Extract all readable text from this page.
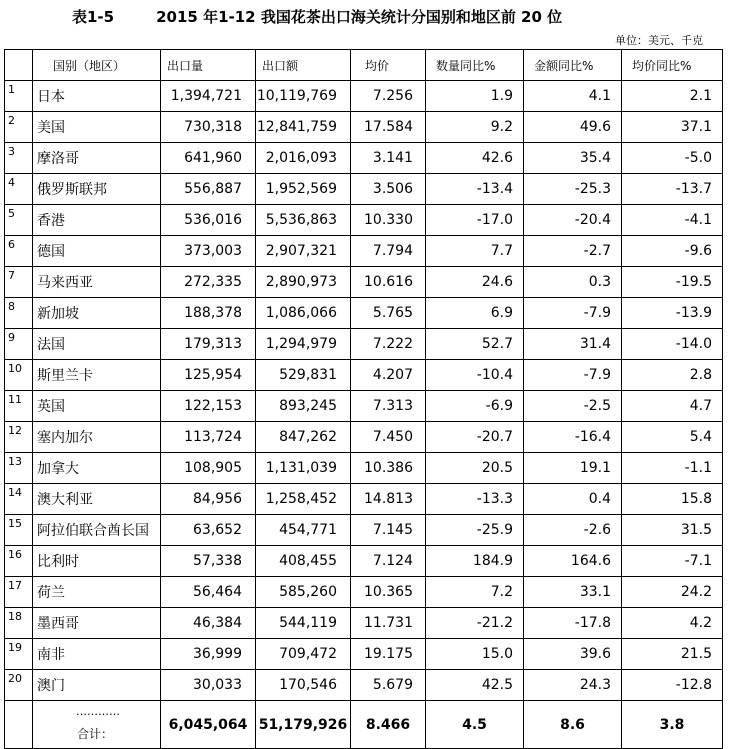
表1-5	2015 年1-12 我国花茶出口海关统计分国别和地区前 20 位
单位：美元、千克
	国别（地区）	出口量	出口额	均价	数量同比%	金额同比%	均价同比%
1	日本	1,394,721	10,119,769	7.256	1.9	4.1	2.1
2	美国	730,318	12,841,759	17.584	9.2	49.6	37.1
3	摩洛哥	641,960	2,016,093	3.141	42.6	35.4	-5.0
4	俄罗斯联邦	556,887	1,952,569	3.506	-13.4	-25.3	-13.7
5	香港	536,016	5,536,863	10.330	-17.0	-20.4	-4.1
6	德国	373,003	2,907,321	7.794	7.7	-2.7	-9.6
7	马来西亚	272,335	2,890,973	10.616	24.6	0.3	-19.5
8	新加坡	188,378	1,086,066	5.765	6.9	-7.9	-13.9
9	法国	179,313	1,294,979	7.222	52.7	31.4	-14.0
10	斯里兰卡	125,954	529,831	4.207	-10.4	-7.9	2.8
11	英国	122,153	893,245	7.313	-6.9	-2.5	4.7
12	塞内加尔	113,724	847,262	7.450	-20.7	-16.4	5.4
13	加拿大	108,905	1,131,039	10.386	20.5	19.1	-1.1
14	澳大利亚	84,956	1,258,452	14.813	-13.3	0.4	15.8
15	阿拉伯联合酋长国	63,652	454,771	7.145	-25.9	-2.6	31.5
16	比利时	57,338	408,455	7.124	184.9	164.6	-7.1
17	荷兰	56,464	585,260	10.365	7.2	33.1	24.2
18	墨西哥	46,384	544,119	11.731	-21.2	-17.8	4.2
19	南非	36,999	709,472	19.175	15.0	39.6	21.5
20	澳门	30,033	170,546	5.679	42.5	24.3	-12.8

	…………
合计：	6,045,064	51,179,926	8.466	4.5	8.6	3.8
